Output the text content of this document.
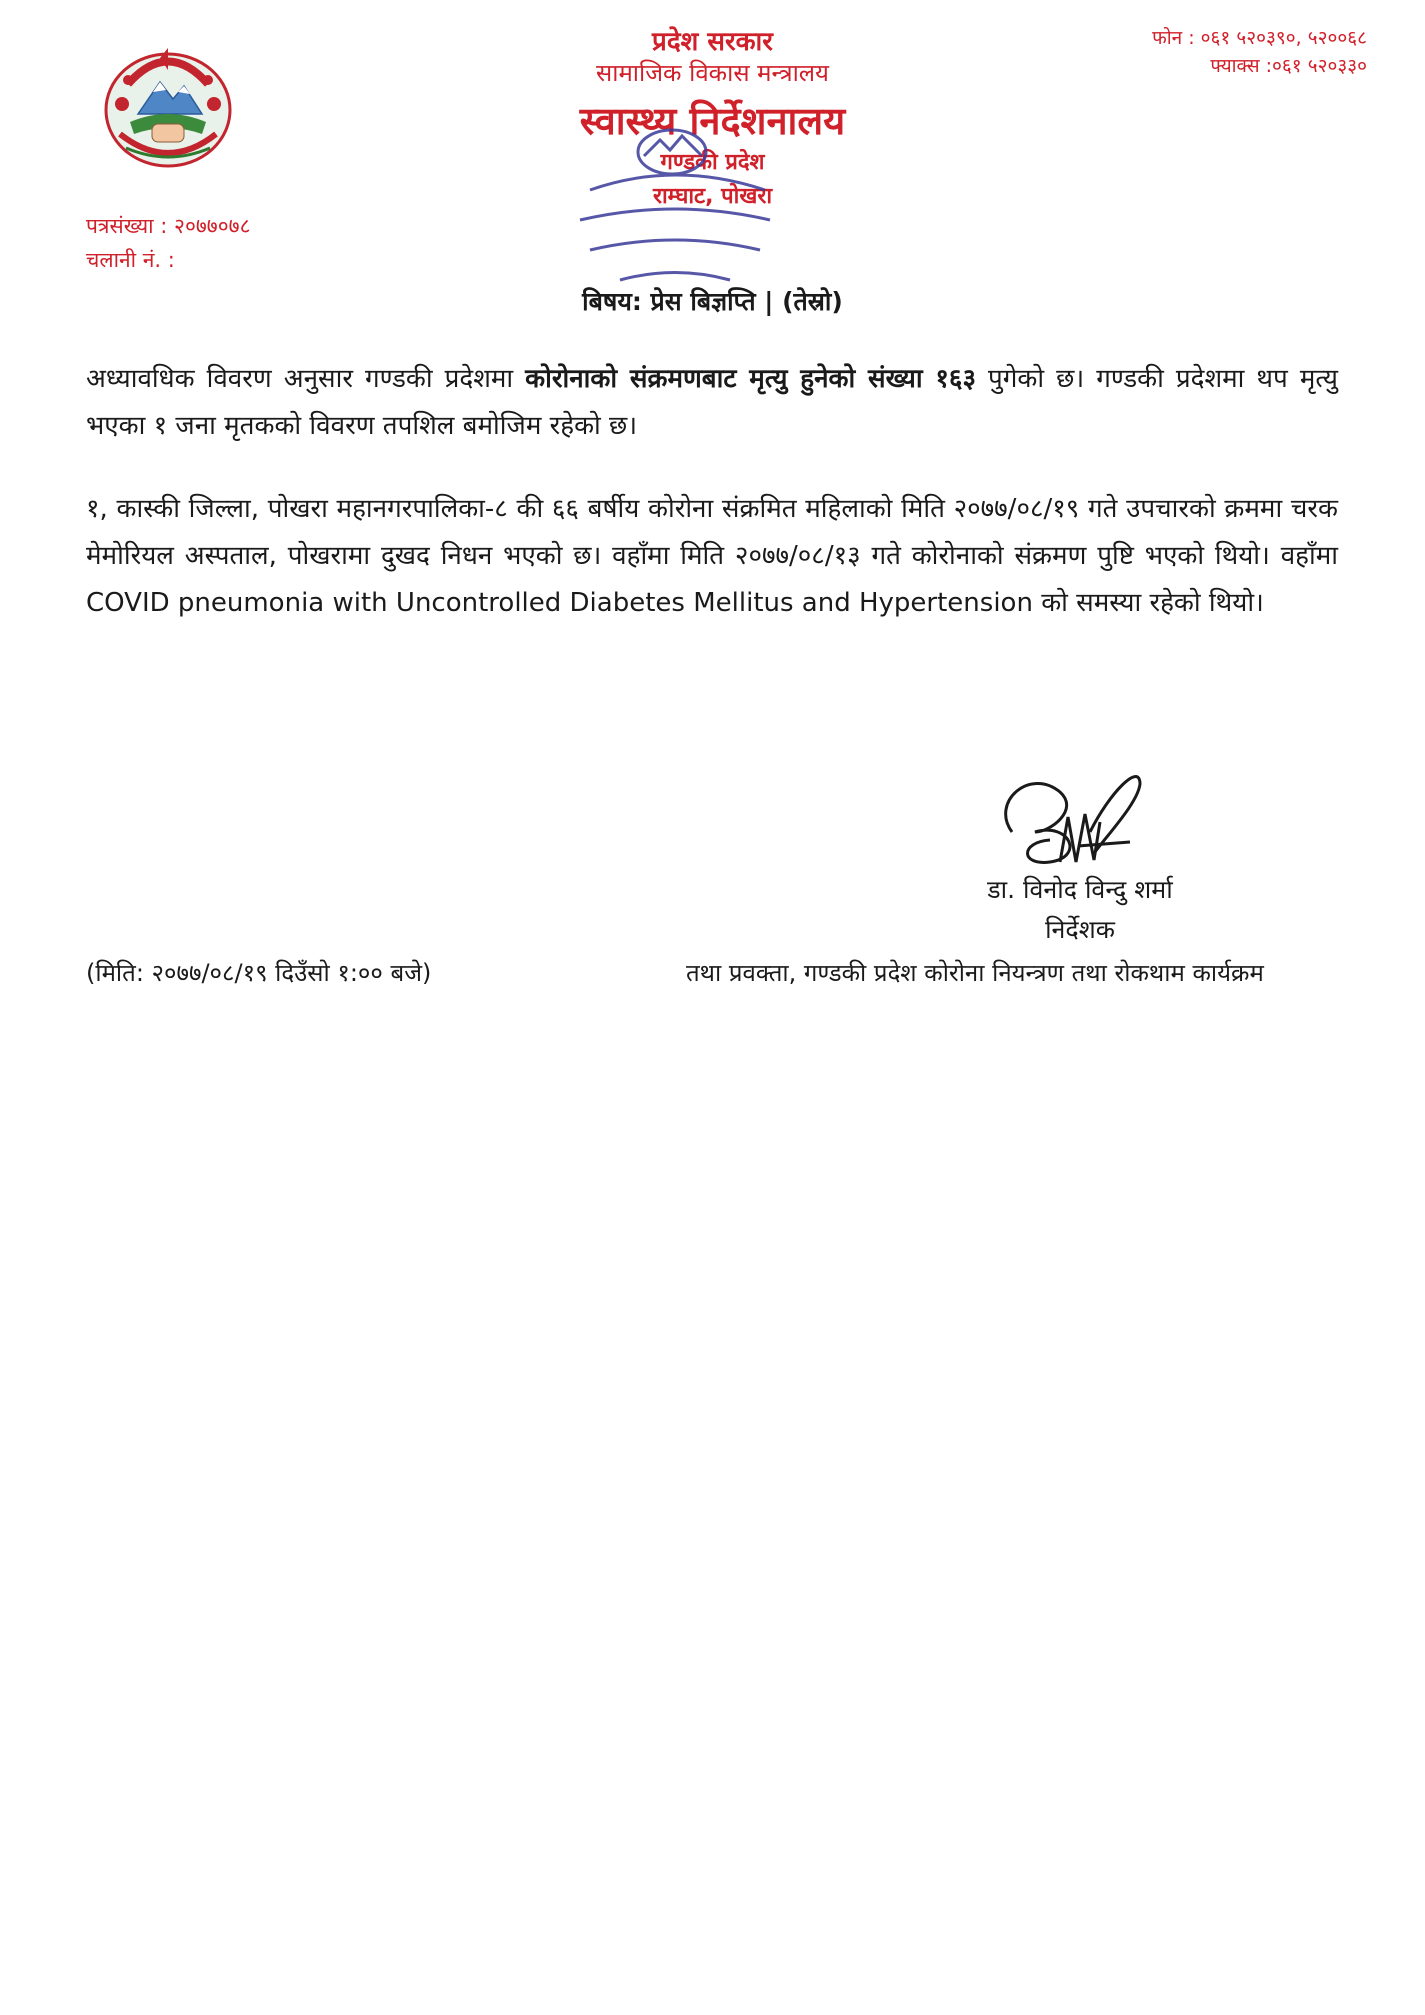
प्रदेश सरकार
सामाजिक विकास मन्त्रालय
स्वास्थ्य निर्देशनालय
गण्डकी प्रदेश
राम्घाट, पोखरा
फोन : ०६१ ५२०३९०, ५२००६८
फ्याक्स :०६१ ५२०३३०
पत्रसंख्या : २०७७०७८
चलानी नं. :
बिषय: प्रेस बिज्ञप्ति | (तेस्रो)
अध्यावधिक विवरण अनुसार गण्डकी प्रदेशमा कोरोनाको संक्रमणबाट मृत्यु हुनेको संख्या १६३ पुगेको छ। गण्डकी प्रदेशमा थप मृत्यु भएका १ जना मृतकको विवरण तपशिल बमोजिम रहेको छ।
१, कास्की जिल्ला, पोखरा महानगरपालिका-८ की ६६ बर्षीय कोरोना संक्रमित महिलाको मिति २०७७/०८/१९ गते उपचारको क्रममा चरक मेमोरियल अस्पताल, पोखरामा दुखद निधन भएको छ। वहाँमा मिति २०७७/०८/१३ गते कोरोनाको संक्रमण पुष्टि भएको थियो। वहाँमा COVID pneumonia with Uncontrolled Diabetes Mellitus and Hypertension को समस्या रहेको थियो।
डा. विनोद विन्दु शर्मा
निर्देशक
तथा प्रवक्ता, गण्डकी प्रदेश कोरोना नियन्त्रण तथा रोकथाम कार्यक्रम
(मिति: २०७७/०८/१९ दिउँसो १:०० बजे)
